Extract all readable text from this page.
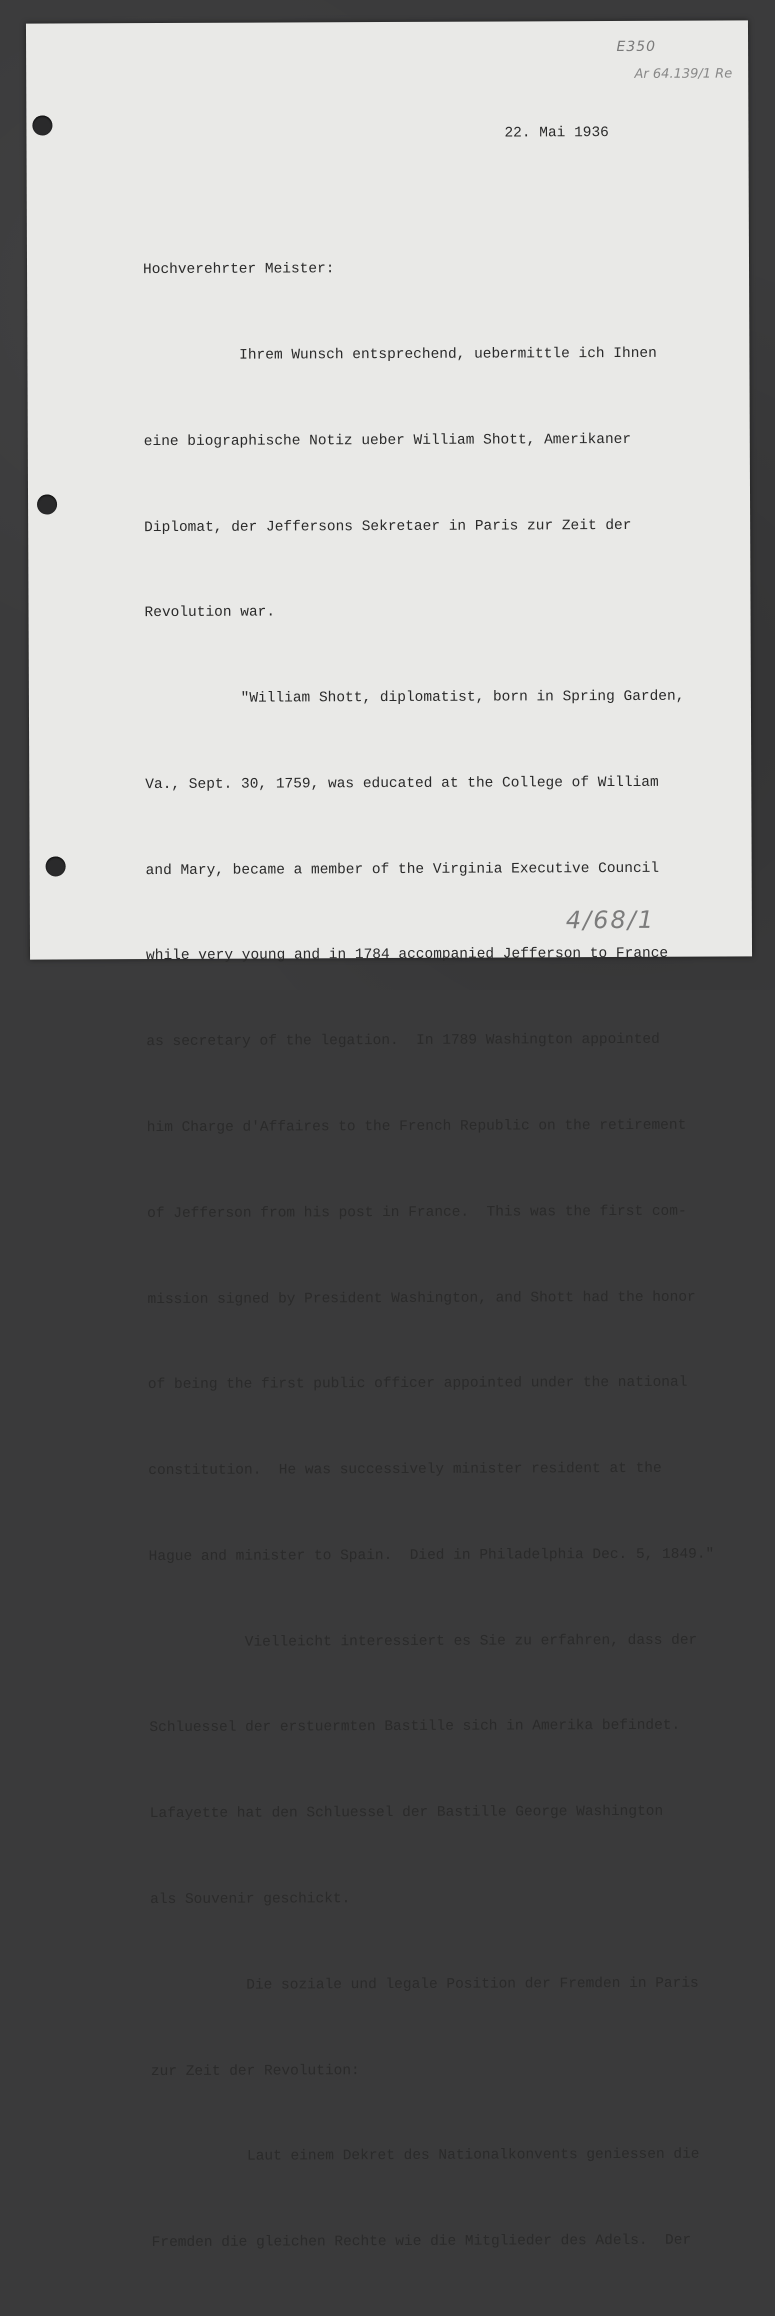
E350
Ar 64.139/1 Re
22. Mai 1936

Hochverehrter Meister:

Ihrem Wunsch entsprechend, uebermittle ich Ihnen

eine biographische Notiz ueber William Shott, Amerikaner

Diplomat, der Jeffersons Sekretaer in Paris zur Zeit der

Revolution war.

"William Shott, diplomatist, born in Spring Garden,

Va., Sept. 30, 1759, was educated at the College of William

and Mary, became a member of the Virginia Executive Council

while very young and in 1784 accompanied Jefferson to France

as secretary of the legation.  In 1789 Washington appointed

him Charge d'Affaires to the French Republic on the retirement

of Jefferson from his post in France.  This was the first com-

mission signed by President Washington, and Shott had the honor

of being the first public officer appointed under the national

constitution.  He was successively minister resident at the

Hague and minister to Spain.  Died in Philadelphia Dec. 5, 1849."

Vielleicht interessiert es Sie zu erfahren, dass der

Schluessel der erstuermten Bastille sich in Amerika befindet.

Lafayette hat den Schluessel der Bastille George Washington

als Souvenir geschickt.

Die soziale und legale Position der Fremden in Paris

zur Zeit der Revolution:

Laut einem Dekret des Nationalkonvents geniessen die

Fremden die gleichen Rechte wie die Mitglieder des Adels.  Der

4/68/1
